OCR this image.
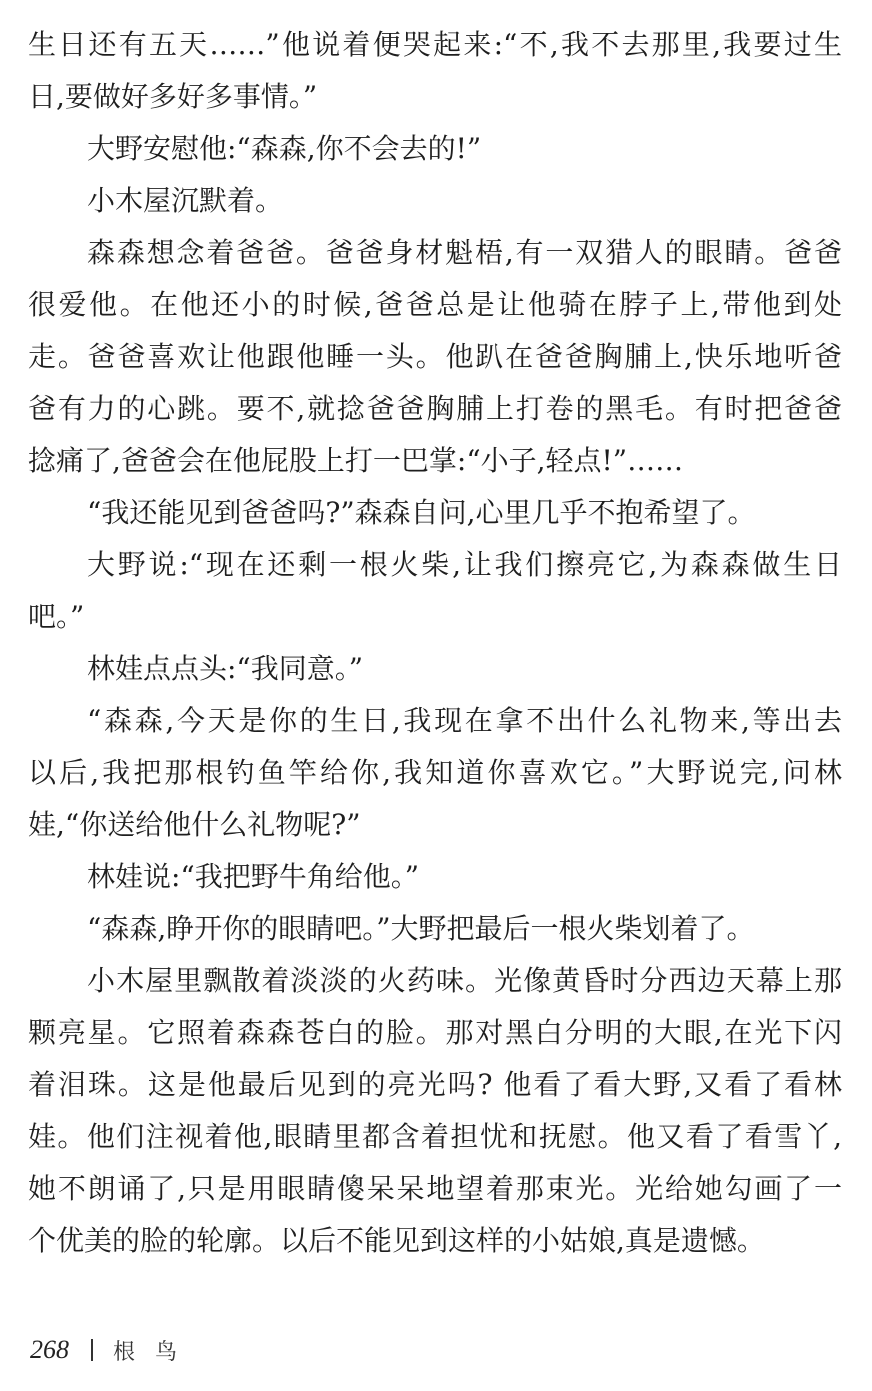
生日还有五天……”他说着便哭起来:“不,我不去那里,我要过生
日,要做好多好多事情。”
大野安慰他:“森森,你不会去的!”
小木屋沉默着。
森森想念着爸爸。爸爸身材魁梧,有一双猎人的眼睛。爸爸
很爱他。在他还小的时候,爸爸总是让他骑在脖子上,带他到处
走。爸爸喜欢让他跟他睡一头。他趴在爸爸胸脯上,快乐地听爸
爸有力的心跳。要不,就捻爸爸胸脯上打卷的黑毛。有时把爸爸
捻痛了,爸爸会在他屁股上打一巴掌:“小子,轻点!”……
“我还能见到爸爸吗?”森森自问,心里几乎不抱希望了。
大野说:“现在还剩一根火柴,让我们擦亮它,为森森做生日
吧。”
林娃点点头:“我同意。”
“森森,今天是你的生日,我现在拿不出什么礼物来,等出去
以后,我把那根钓鱼竿给你,我知道你喜欢它。”大野说完,问林
娃,“你送给他什么礼物呢?”
林娃说:“我把野牛角给他。”
“森森,睁开你的眼睛吧。”大野把最后一根火柴划着了。
小木屋里飘散着淡淡的火药味。光像黄昏时分西边天幕上那
颗亮星。它照着森森苍白的脸。那对黑白分明的大眼,在光下闪
着泪珠。这是他最后见到的亮光吗? 他看了看大野,又看了看林
娃。他们注视着他,眼睛里都含着担忧和抚慰。他又看了看雪丫,
她不朗诵了,只是用眼睛傻呆呆地望着那束光。光给她勾画了一
个优美的脸的轮廓。以后不能见到这样的小姑娘,真是遗憾。
268 根鸟
